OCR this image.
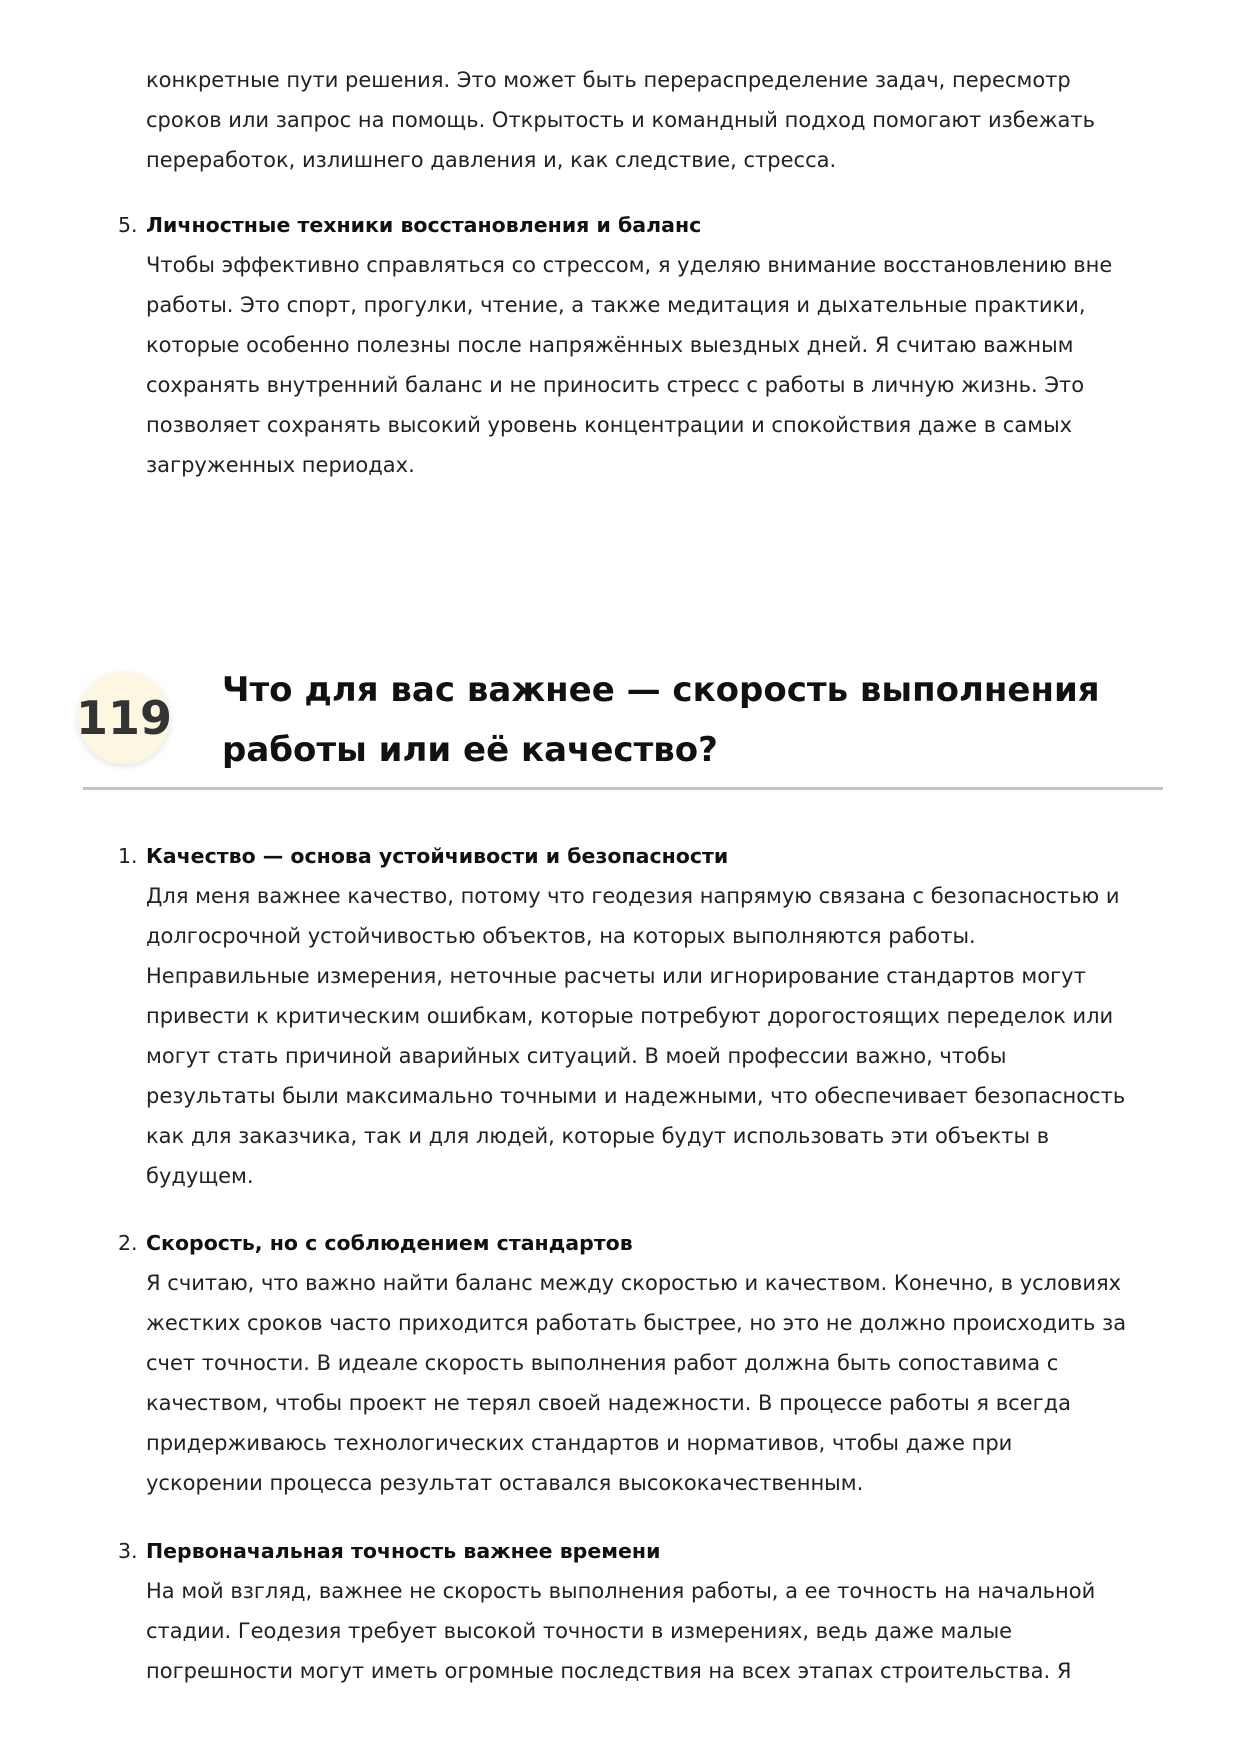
конкретные пути решения. Это может быть перераспределение задач, пересмотр
сроков или запрос на помощь. Открытость и командный подход помогают избежать
переработок, излишнего давления и, как следствие, стресса.
5. Личностные техники восстановления и баланс
Чтобы эффективно справляться со стрессом, я уделяю внимание восстановлению вне
работы. Это спорт, прогулки, чтение, а также медитация и дыхательные практики,
которые особенно полезны после напряжённых выездных дней. Я считаю важным
сохранять внутренний баланс и не приносить стресс с работы в личную жизнь. Это
позволяет сохранять высокий уровень концентрации и спокойствия даже в самых
загруженных периодах.
119
Что для вас важнее — скорость выполнения
работы или её качество?
1. Качество — основа устойчивости и безопасности
Для меня важнее качество, потому что геодезия напрямую связана с безопасностью и
долгосрочной устойчивостью объектов, на которых выполняются работы.
Неправильные измерения, неточные расчеты или игнорирование стандартов могут
привести к критическим ошибкам, которые потребуют дорогостоящих переделок или
могут стать причиной аварийных ситуаций. В моей профессии важно, чтобы
результаты были максимально точными и надежными, что обеспечивает безопасность
как для заказчика, так и для людей, которые будут использовать эти объекты в
будущем.
2. Скорость, но с соблюдением стандартов
Я считаю, что важно найти баланс между скоростью и качеством. Конечно, в условиях
жестких сроков часто приходится работать быстрее, но это не должно происходить за
счет точности. В идеале скорость выполнения работ должна быть сопоставима с
качеством, чтобы проект не терял своей надежности. В процессе работы я всегда
придерживаюсь технологических стандартов и нормативов, чтобы даже при
ускорении процесса результат оставался высококачественным.
3. Первоначальная точность важнее времени
На мой взгляд, важнее не скорость выполнения работы, а ее точность на начальной
стадии. Геодезия требует высокой точности в измерениях, ведь даже малые
погрешности могут иметь огромные последствия на всех этапах строительства. Я
